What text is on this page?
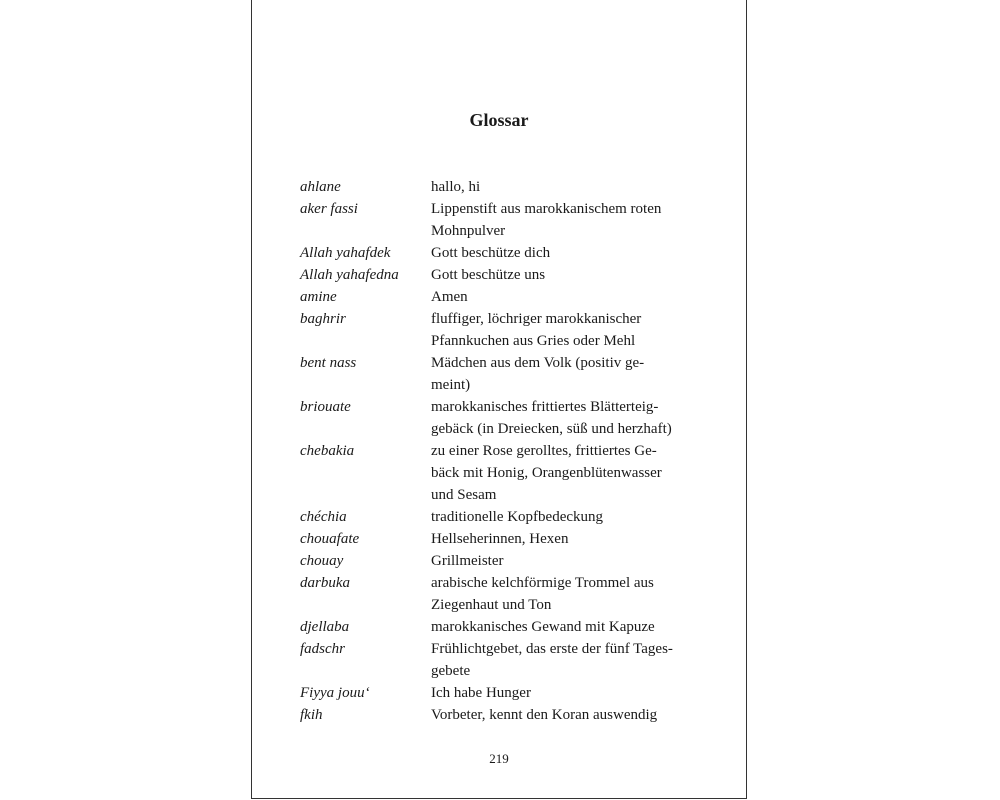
Glossar
ahlane	hallo, hi
aker fassi	Lippenstift aus marokkanischem roten
Mohnpulver
Allah yahafdek	Gott beschütze dich
Allah yahafedna	Gott beschütze uns
amine	Amen
baghrir	fluffiger, löchriger marokkanischer
Pfannkuchen aus Gries oder Mehl
bent nass	Mädchen aus dem Volk (positiv ge-
meint)
briouate	marokkanisches frittiertes Blätterteig-
gebäck (in Dreiecken, süß und herzhaft)
chebakia	zu einer Rose gerolltes, frittiertes Ge-
bäck mit Honig, Orangenblütenwasser
und Sesam
chéchia	traditionelle Kopfbedeckung
chouafate	Hellseherinnen, Hexen
chouay	Grillmeister
darbuka	arabische kelchförmige Trommel aus
Ziegenhaut und Ton
djellaba	marokkanisches Gewand mit Kapuze
fadschr	Frühlichtgebet, das erste der fünf Tages-
gebete
Fiyya jouu‘	Ich habe Hunger
fkih	Vorbeter, kennt den Koran auswendig
219
